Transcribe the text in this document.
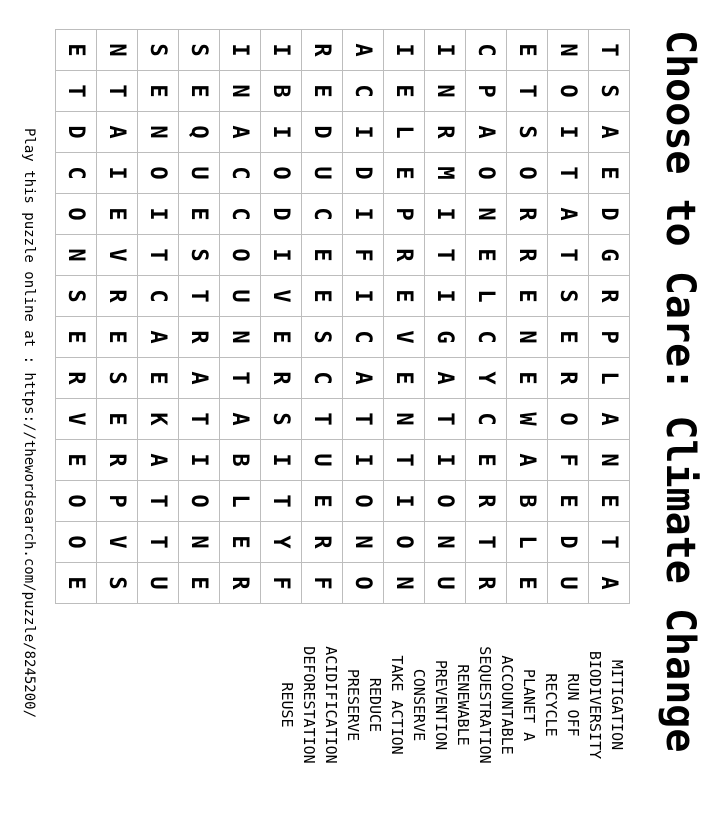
Choose to Care: Climate Change
T
S
A
E
D
G
R
P
L
A
N
E
T
A
N
O
I
T
A
T
S
E
R
O
F
E
D
U
E
T
S
O
R
R
E
N
E
W
A
B
L
E
C
P
A
O
N
E
L
C
Y
C
E
R
T
R
I
N
R
M
I
T
I
G
A
T
I
O
N
U
I
E
L
E
P
R
E
V
E
N
T
I
O
N
A
C
I
D
I
F
I
C
A
T
I
O
N
O
R
E
D
U
C
E
E
S
C
T
U
E
R
F
I
B
I
O
D
I
V
E
R
S
I
T
Y
F
I
N
A
C
C
O
U
N
T
A
B
L
E
R
S
E
Q
U
E
S
T
R
A
T
I
O
N
E
S
E
N
O
I
T
C
A
E
K
A
T
T
U
N
T
A
I
E
V
R
E
S
E
R
P
V
S
E
T
D
C
O
N
S
E
R
V
E
O
O
E
MITIGATION
BIODIVERSITY
RUN OFF
RECYCLE
PLANET A
ACCOUNTABLE
SEQUESTRATION
RENEWABLE
PREVENTION
CONSERVE
TAKE ACTION
REDUCE
PRESERVE
ACIDIFICATION
DEFORESTATION
REUSE
Play this puzzle online at : https://thewordsearch.com/puzzle/8245200/
